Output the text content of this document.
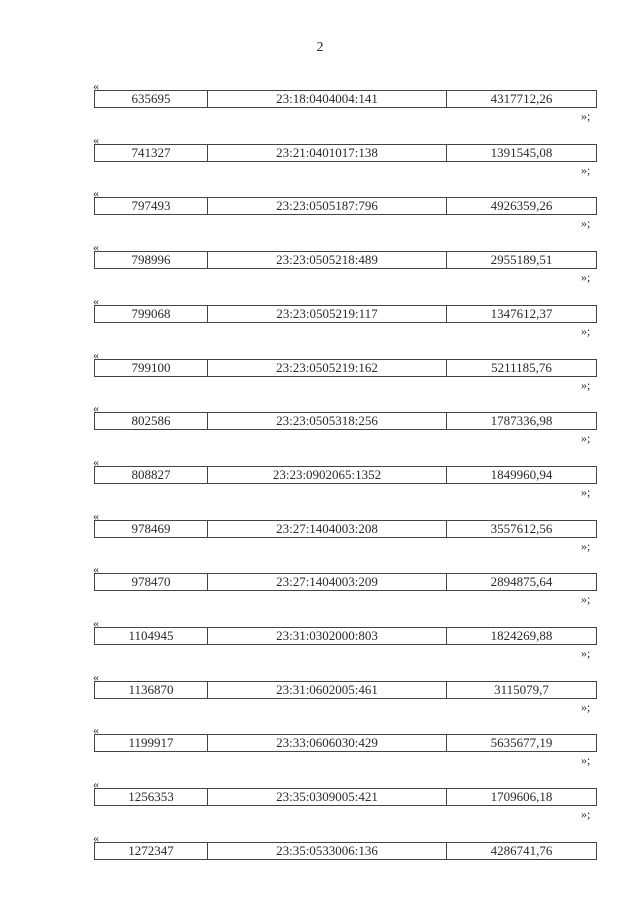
2
«
635695	23:18:0404004:141	4317712,26
»;
«
741327	23:21:0401017:138	1391545,08
»;
«
797493	23:23:0505187:796	4926359,26
»;
«
798996	23:23:0505218:489	2955189,51
»;
«
799068	23:23:0505219:117	1347612,37
»;
«
799100	23:23:0505219:162	5211185,76
»;
«
802586	23:23:0505318:256	1787336,98
»;
«
808827	23:23:0902065:1352	1849960,94
»;
«
978469	23:27:1404003:208	3557612,56
»;
«
978470	23:27:1404003:209	2894875,64
»;
«
1104945	23:31:0302000:803	1824269,88
»;
«
1136870	23:31:0602005:461	3115079,7
»;
«
1199917	23:33:0606030:429	5635677,19
»;
«
1256353	23:35:0309005:421	1709606,18
»;
«
1272347	23:35:0533006:136	4286741,76
